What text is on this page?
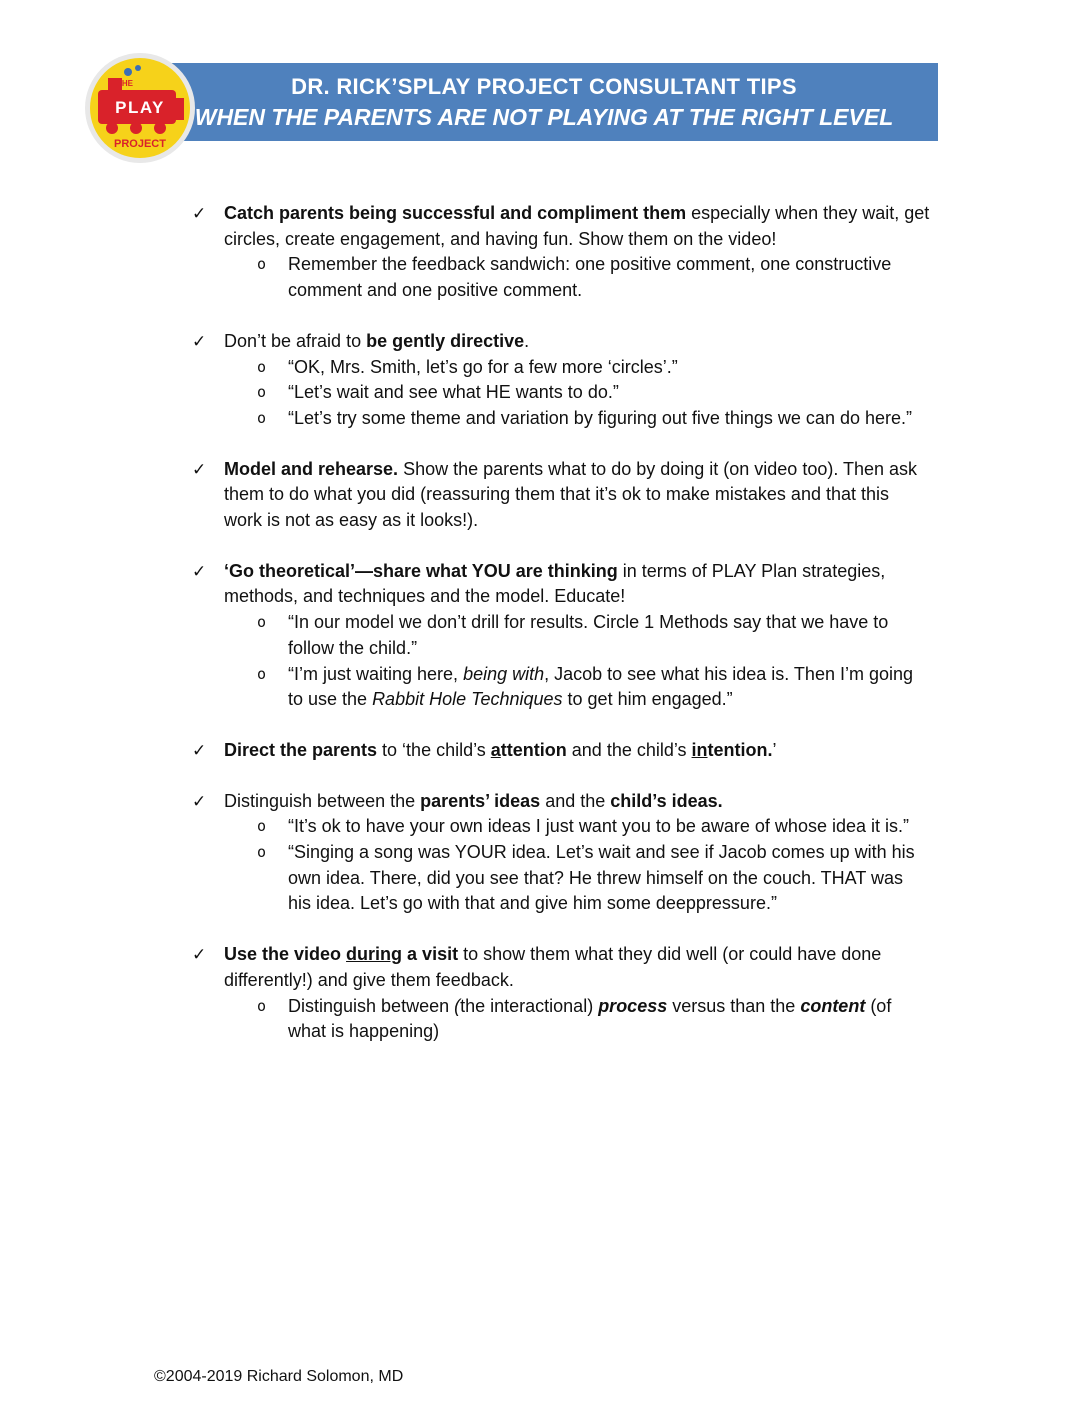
DR. RICK’SPLAY PROJECT CONSULTANT TIPS
WHEN THE PARENTS ARE NOT PLAYING AT THE RIGHT LEVEL
THE
PLAY
PROJECT
✓ Catch parents being successful and compliment them especially when they wait, get circles, create engagement, and having fun. Show them on the video!
o Remember the feedback sandwich: one positive comment, one constructive comment and one positive comment.
✓ Don’t be afraid to be gently directive.
o “OK, Mrs. Smith, let’s go for a few more ‘circles’.”
o “Let’s wait and see what HE wants to do.”
o “Let’s try some theme and variation by figuring out five things we can do here.”
✓ Model and rehearse. Show the parents what to do by doing it (on video too). Then ask them to do what you did (reassuring them that it’s ok to make mistakes and that this work is not as easy as it looks!).
✓ ‘Go theoretical’—share what YOU are thinking in terms of PLAY Plan strategies, methods, and techniques and the model. Educate!
o “In our model we don’t drill for results. Circle 1 Methods say that we have to follow the child.”
o “I’m just waiting here, being with, Jacob to see what his idea is. Then I’m going to use the Rabbit Hole Techniques to get him engaged.”
✓ Direct the parents to ‘the child’s attention and the child’s intention.’
✓ Distinguish between the parents’ ideas and the child’s ideas.
o “It’s ok to have your own ideas I just want you to be aware of whose idea it is.”
o “Singing a song was YOUR idea. Let’s wait and see if Jacob comes up with his own idea. There, did you see that? He threw himself on the couch. THAT was his idea. Let’s go with that and give him some deeppressure.”
✓ Use the video during a visit to show them what they did well (or could have done differently!) and give them feedback.
o Distinguish between (the interactional) process versus than the content (of what is happening)
©2004-2019 Richard Solomon, MD
